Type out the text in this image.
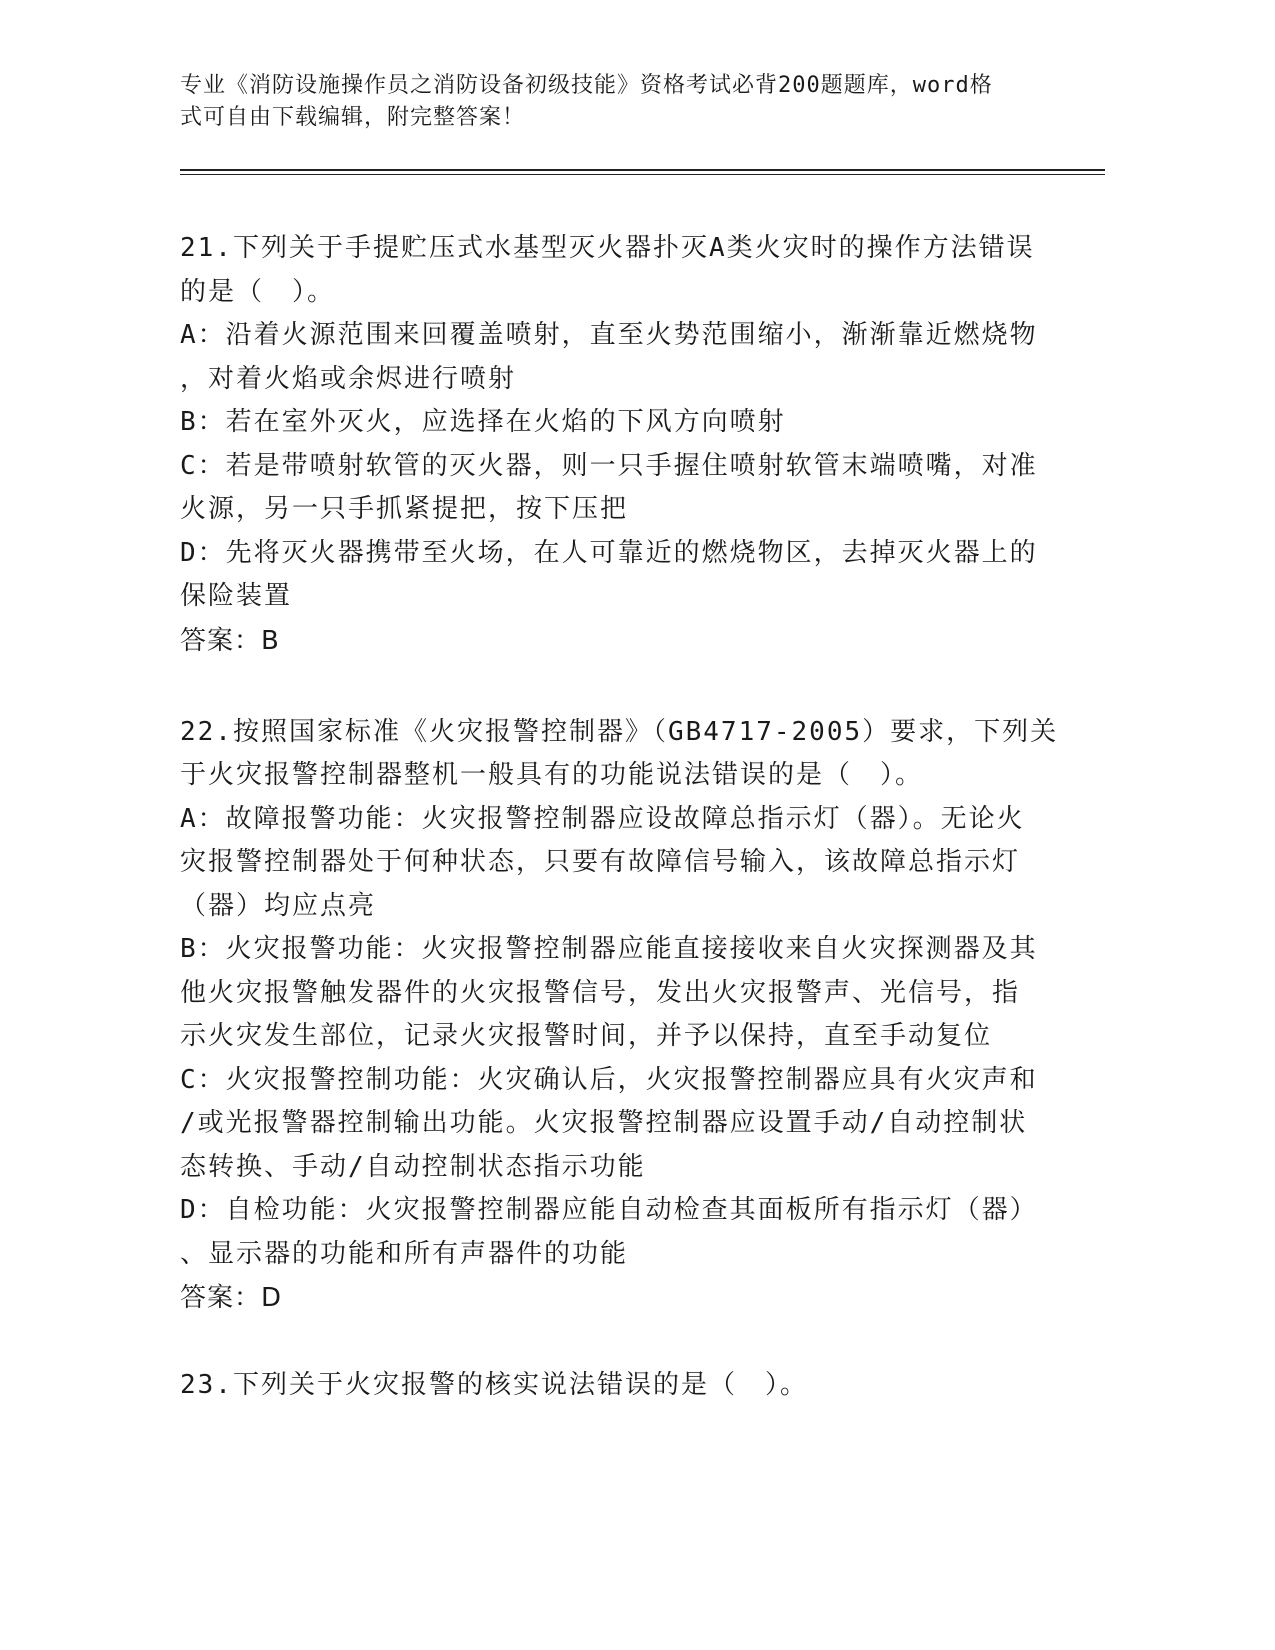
专业《消防设施操作员之消防设备初级技能》资格考试必背200题题库，word格
式可自由下载编辑，附完整答案！

21.下列关于手提贮压式水基型灭火器扑灭A类火灾时的操作方法错误

的是（　）。

A：沿着火源范围来回覆盖喷射，直至火势范围缩小，渐渐靠近燃烧物

，对着火焰或余烬进行喷射

B：若在室外灭火，应选择在火焰的下风方向喷射

C：若是带喷射软管的灭火器，则一只手握住喷射软管末端喷嘴，对准

火源，另一只手抓紧提把，按下压把

D：先将灭火器携带至火场，在人可靠近的燃烧物区，去掉灭火器上的

保险装置

答案：B

22.按照国家标准《火灾报警控制器》（GB4717-2005）要求，下列关

于火灾报警控制器整机一般具有的功能说法错误的是（　）。

A：故障报警功能：火灾报警控制器应设故障总指示灯（器）。无论火

灾报警控制器处于何种状态，只要有故障信号输入，该故障总指示灯

（器）均应点亮

B：火灾报警功能：火灾报警控制器应能直接接收来自火灾探测器及其

他火灾报警触发器件的火灾报警信号，发出火灾报警声、光信号，指

示火灾发生部位，记录火灾报警时间，并予以保持，直至手动复位

C：火灾报警控制功能：火灾确认后，火灾报警控制器应具有火灾声和

/或光报警器控制输出功能。火灾报警控制器应设置手动/自动控制状

态转换、手动/自动控制状态指示功能

D：自检功能：火灾报警控制器应能自动检查其面板所有指示灯（器）

、显示器的功能和所有声器件的功能

答案：D

23.下列关于火灾报警的核实说法错误的是（　）。
